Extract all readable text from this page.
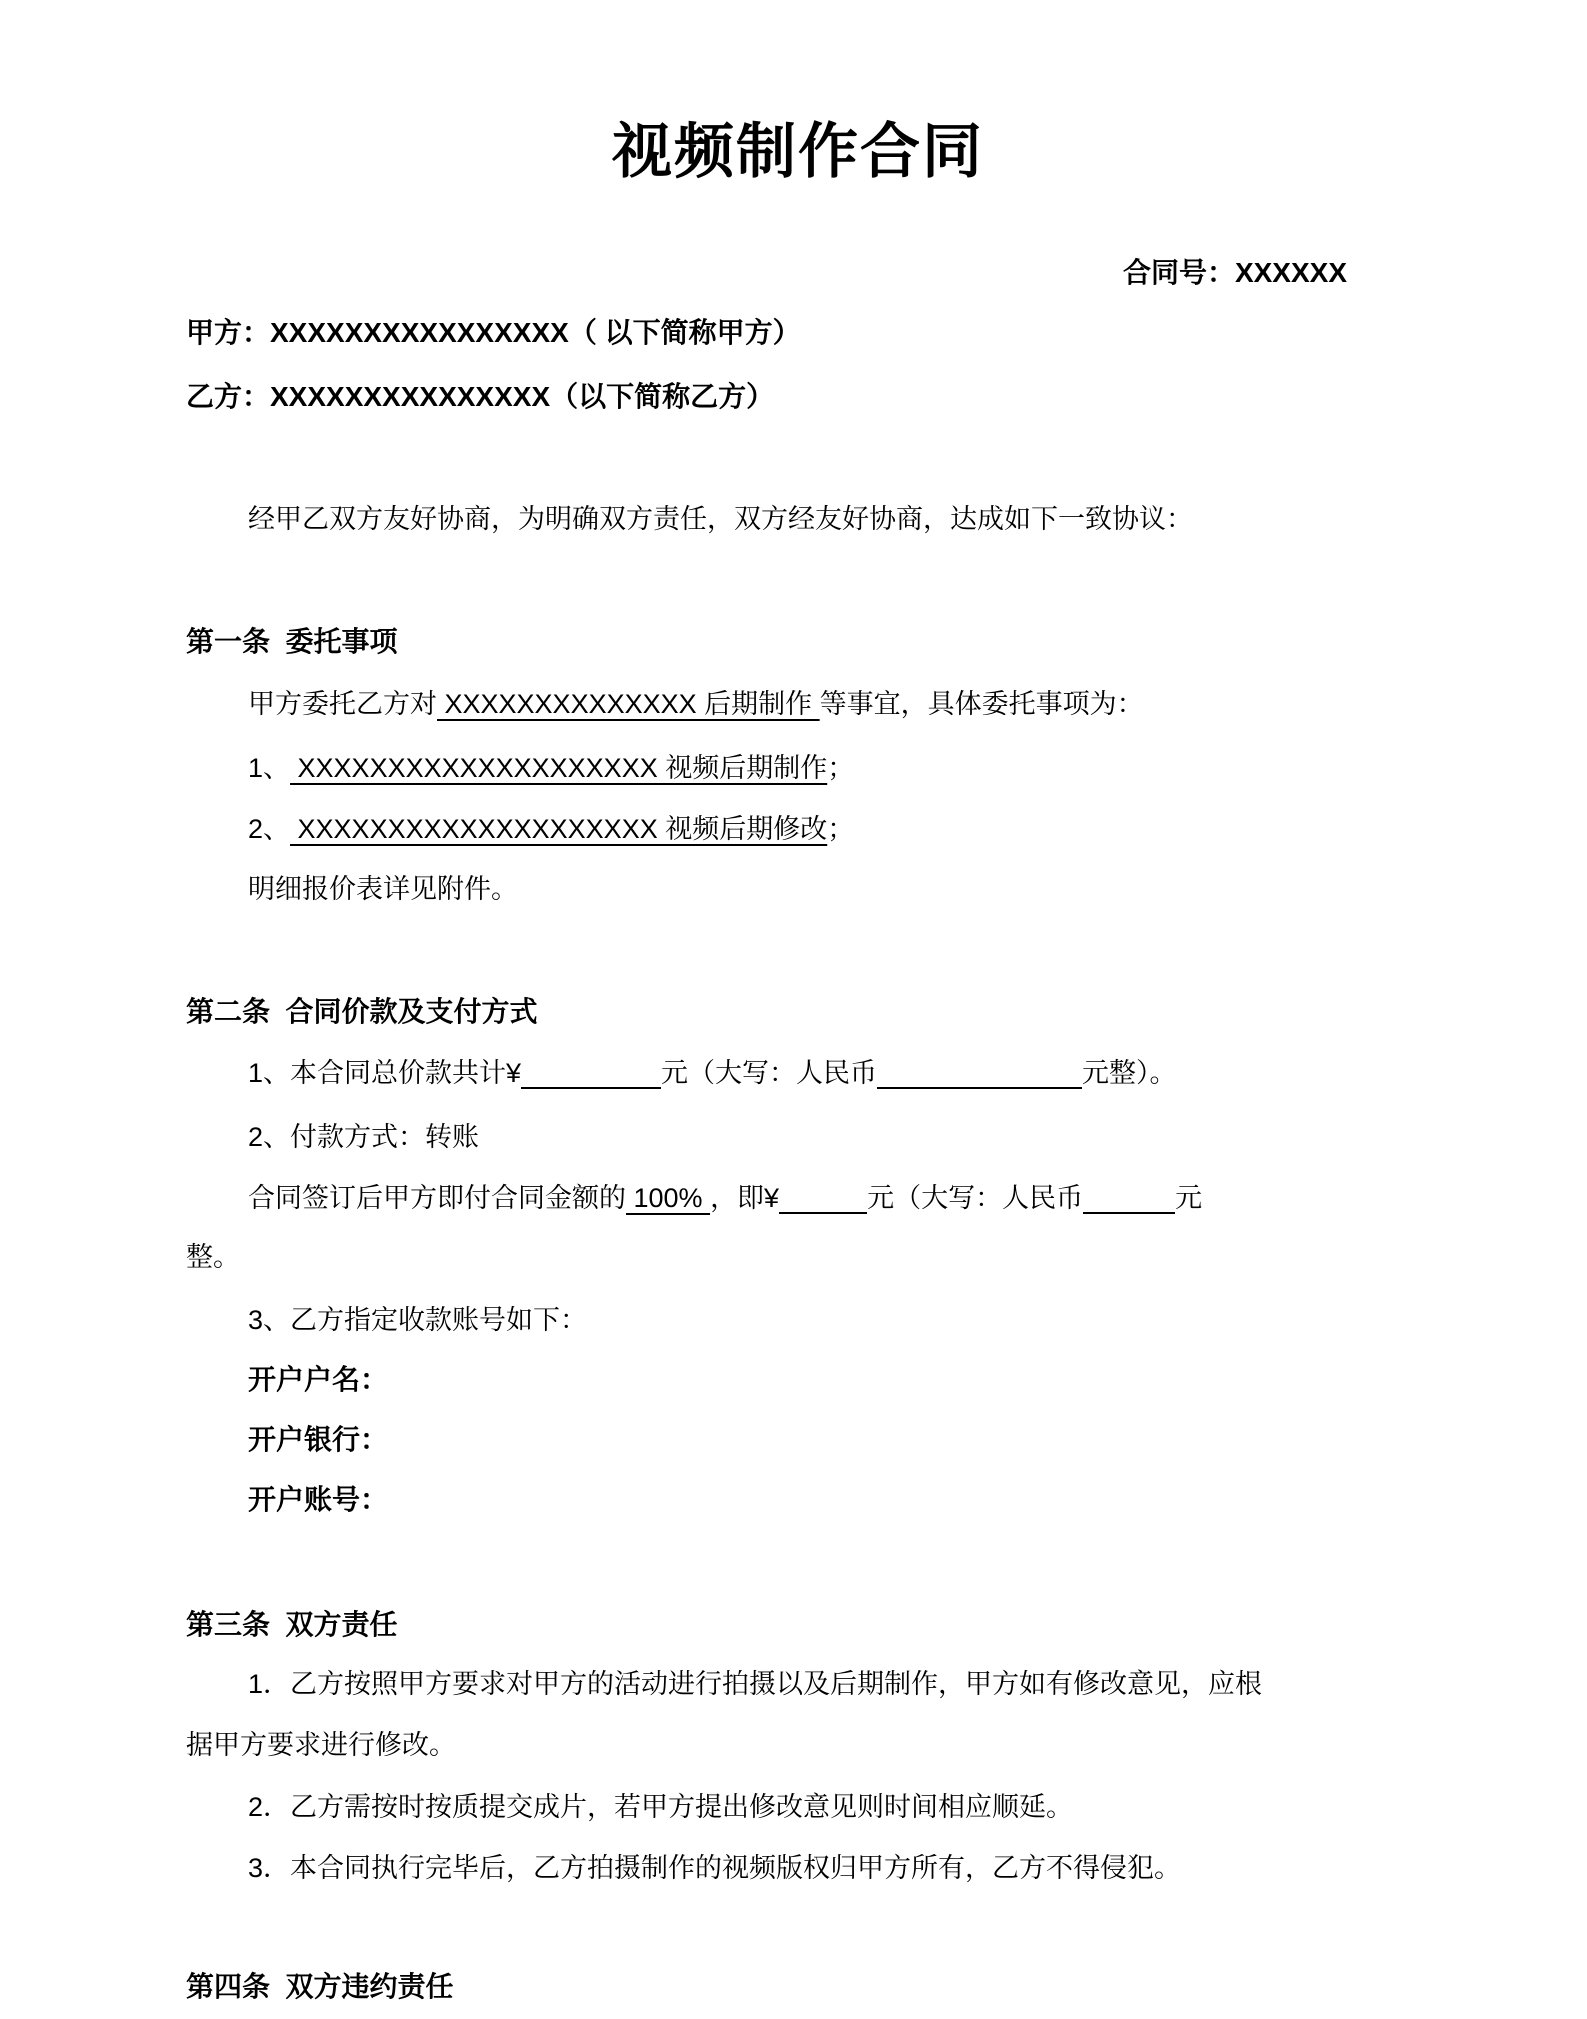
视频制作合同
合同号：XXXXXX
甲方：XXXXXXXXXXXXXXXX（ 以下简称甲方）
乙方：XXXXXXXXXXXXXXX（以下简称乙方）
经甲乙双方友好协商，为明确双方责任，双方经友好协商，达成如下一致协议：
第一条  委托事项
甲方委托乙方对 XXXXXXXXXXXXXX 后期制作 等事宜，具体委托事项为：
1、 XXXXXXXXXXXXXXXXXXXX 视频后期制作；
2、 XXXXXXXXXXXXXXXXXXXX 视频后期修改；
明细报价表详见附件。
第二条  合同价款及支付方式
1、本合同总价款共计¥	元（大写：人民币	元整）。
2、付款方式：转账
合同签订后甲方即付合同金额的 100% ，即¥	元（大写：人民币	元
整。
3、乙方指定收款账号如下：
开户户名：
开户银行：
开户账号：
第三条  双方责任
1．乙方按照甲方要求对甲方的活动进行拍摄以及后期制作，甲方如有修改意见，应根
据甲方要求进行修改。
2．乙方需按时按质提交成片，若甲方提出修改意见则时间相应顺延。
3．本合同执行完毕后，乙方拍摄制作的视频版权归甲方所有，乙方不得侵犯。
第四条  双方违约责任
